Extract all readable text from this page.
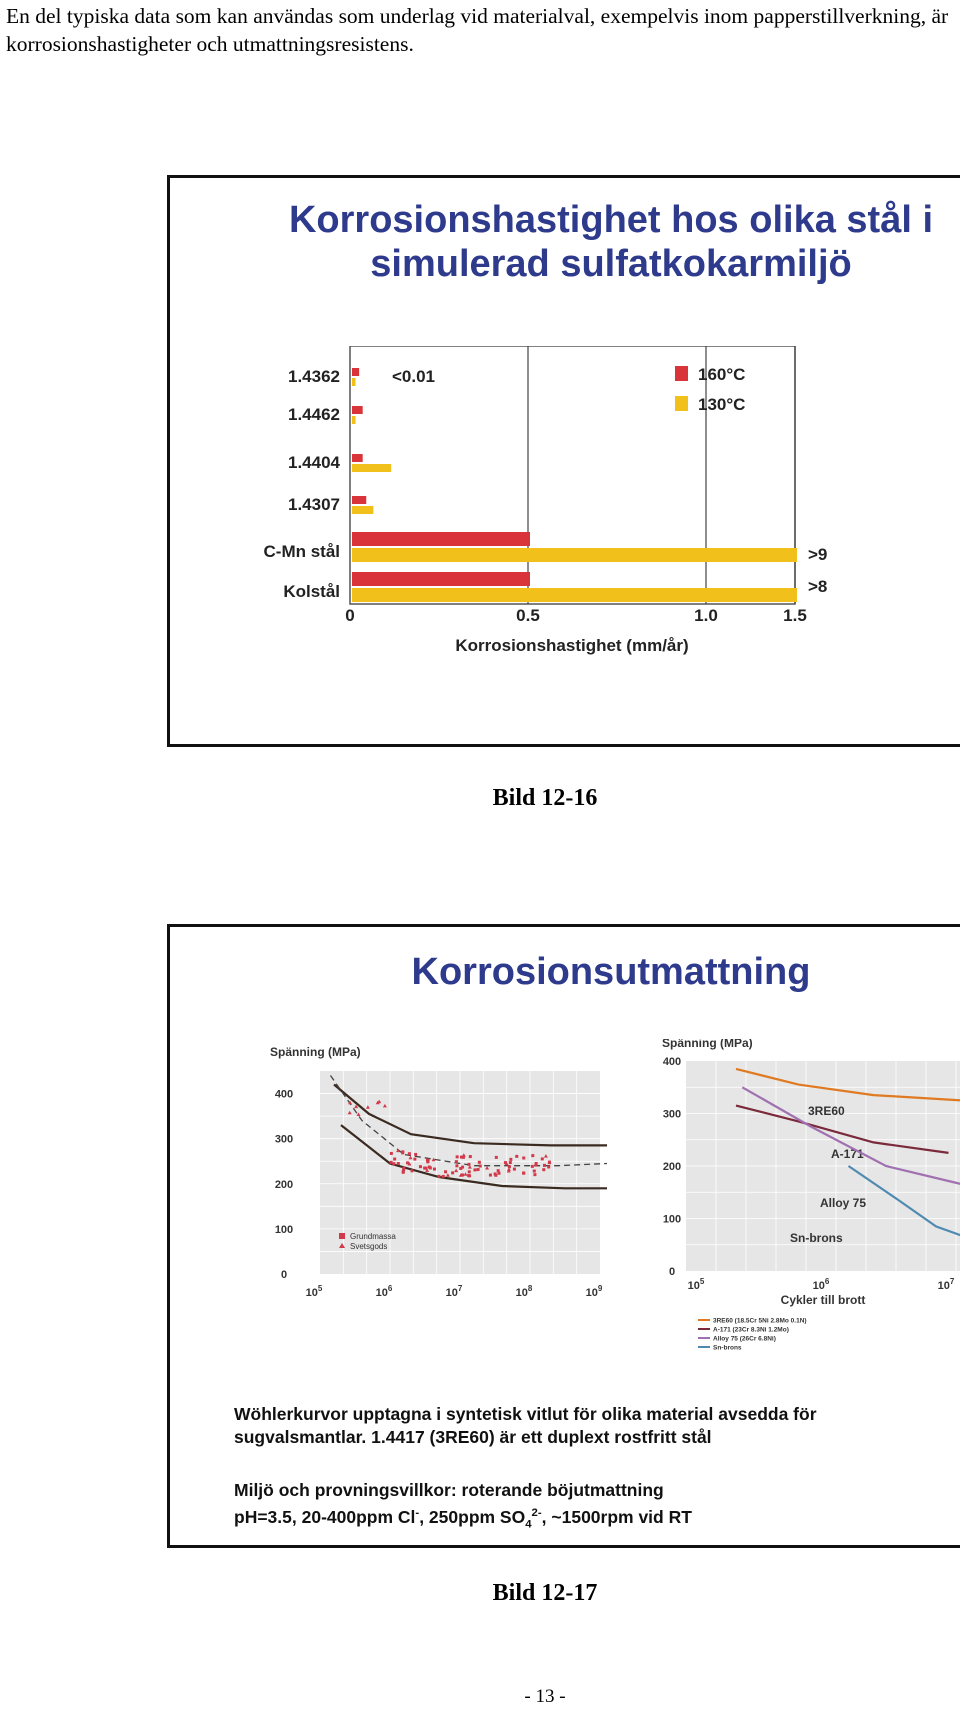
En del typiska data som kan användas som underlag vid materialval, exempelvis inom papperstillverkning, är korrosionshastigheter och utmattningsresistens.

Korrosionshastighet hos olika stål i
simulerad sulfatkokarmiljö
0	0.5	1.0	1.5
Korrosionshastighet (mm/år)
1.4362
1.4462
1.4404
1.4307
C-Mn stål
Kolstål
<0.01
>9
>8
160°C
130°C
Bild 12-16
Korrosionsutmattning
Spänning (MPa)
0
100
200
300
400
$10^5$	$10^6$	$10^7$	$10^8$	$10^9$
Grundmassa
Svetsgods
Spänning (MPa)
0
100
200
300
400
$10^5$	$10^6$	$10^7$
Cykler till brott
3RE60
A-171
Alloy 75
Sn-brons
3RE60 (18.5Cr 5Ni 2.8Mo 0.1N)
A-171 (23Cr 8.3Ni 1.2Mo)
Alloy 75 (26Cr 6.8Ni)
Sn-brons

Wöhlerkurvor upptagna i syntetisk vitlut för olika material avsedda för
sugvalsmantlar. 1.4417 (3RE60) är ett duplext rostfritt stål

Miljö och provningsvillkor: roterande böjutmattning
pH=3.5, 20-400ppm Cl-, 250ppm $SO_4^{2-}$, ~1500rpm vid RT

Bild 12-17
- 13 -
